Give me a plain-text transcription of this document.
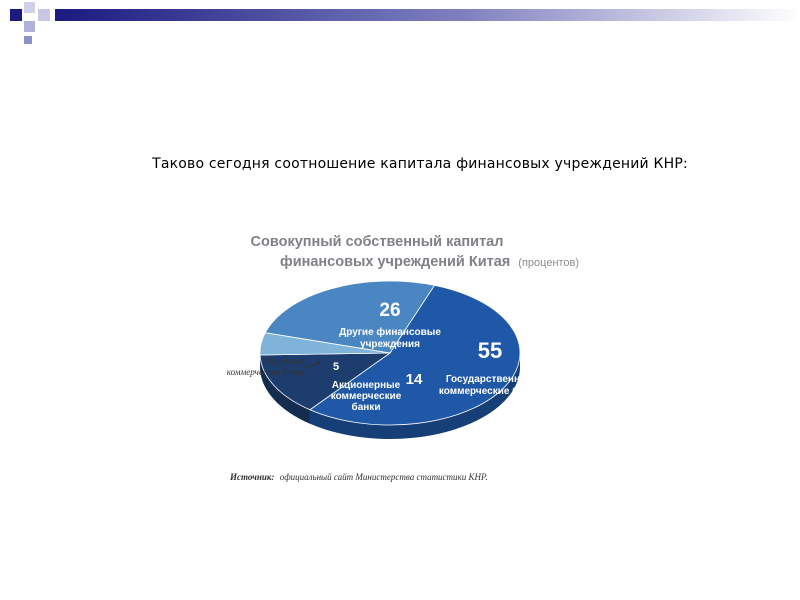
Таково сегодня соотношение капитала финансовых учреждений КНР:
Совокупный собственный капитал
финансовых учреждений Китая (процентов)
55
Государственные
коммерческие банки
14
Акционерные
коммерческие
банки
5
26
Другие финансовые
учреждения
Городские
коммерческие банки
Источник: официальный сайт Министерства статистики КНР.
